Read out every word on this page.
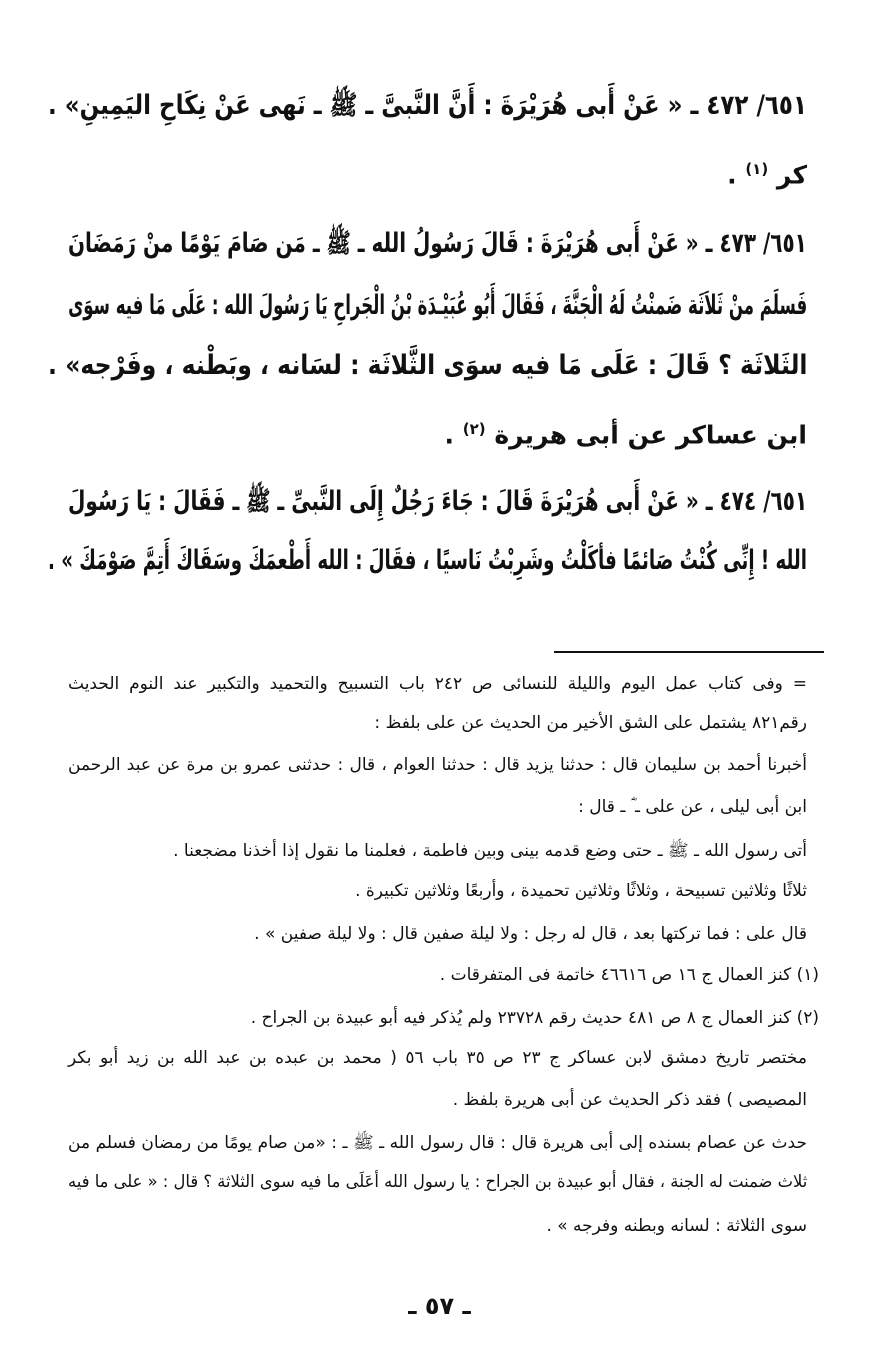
٦٥١/ ٤٧٢ ـ « عَنْ أَبى هُرَيْرَةَ : أَنَّ النَّبىَّ ـ ﷺ ـ نَهى عَنْ نِكَاحِ اليَمِينِ» .
كر $^{(١)}$ .
٦٥١/ ٤٧٣ ـ « عَنْ أَبى هُرَيْرَةَ : قَالَ رَسُولُ الله ـ ﷺ ـ مَن صَامَ يَوْمًا منْ رَمَضَانَ
فَسلَمَ منْ ثَلاَثَة ضَمنْتُ لَهُ الْجَنَّةَ ، فَقَالَ أَبُو عُبَيْـدَة بْنُ الْجَراحِ يَا رَسُولَ الله : عَلَى مَا فيه سوَى
الثَلاثَة ؟ قَالَ : عَلَى مَا فيه سوَى الثَّلاثَة : لسَانه ، وبَطْنه ، وفَرْجه» .
ابن عساكر عن أبى هريرة $^{(٢)}$ .
٦٥١/ ٤٧٤ ـ « عَنْ أَبى هُرَيْرَةَ قَالَ : جَاءَ رَجُلٌ إِلَى النَّبىِّ ـ ﷺ ـ فَقَالَ : يَا رَسُولَ
الله ! إِنِّى كُنْتُ صَائمًا فأكَلْتُ وشَرِبْتُ نَاسيًا ، فقَالَ : الله أَطْعمَكَ وسَقَاكَ أَتِمَّ صَوْمَكَ » .
= وفى كتاب عمل اليوم والليلة للنسائى ص ٢٤٢ باب التسبيح والتحميد والتكبير عند النوم الحديث
رقم٨٢١ يشتمل على الشق الأخير من الحديث عن على بلفظ :
أخبرنا أحمد بن سليمان قال : حدثنا يزيد قال : حدثنا العوام ، قال : حدثنى عمرو بن مرة عن عبد الرحمن
ابن أبى ليلى ، عن على ـ ؓ ـ قال :
أتى رسول الله ـ ﷺ ـ حتى وضع قدمه بينى وبين فاطمة ، فعلمنا ما نقول إذا أخذنا مضجعنا .
ثلاثًا وثلاثين تسبيحة ، وثلاثًا وثلاثين تحميدة ، وأربعًا وثلاثين تكبيرة .
قال على : فما تركتها بعد ، قال له رجل : ولا ليلة صفين قال : ولا ليلة صفين » .
(١) كنز العمال ج ١٦ ص ٤٦٦١٦ خاتمة فى المتفرقات .
(٢) كنز العمال ج ٨ ص ٤٨١ حديث رقم ٢٣٧٢٨ ولم يُذكر فيه أبو عبيدة بن الجراح .
مختصر تاريخ دمشق لابن عساكر ج ٢٣ ص ٣٥ باب ٥٦ ( محمد بن عبده بن عبد الله بن زيد أبو بكر
المصيصى ) فقد ذكر الحديث عن أبى هريرة بلفظ .
حدث عن عصام بسنده إلى أبى هريرة قال : قال رسول الله ـ ﷺ ـ : «من صام يومًا من رمضان فسلم من
ثلاث ضمنت له الجنة ، فقال أبو عبيدة بن الجراح : يا رسول الله أعَلَى ما فيه سوى الثلاثة ؟ قال : « على ما فيه
سوى الثلاثة : لسانه وبطنه وفرجه » .
ـ ٥٧ ـ
